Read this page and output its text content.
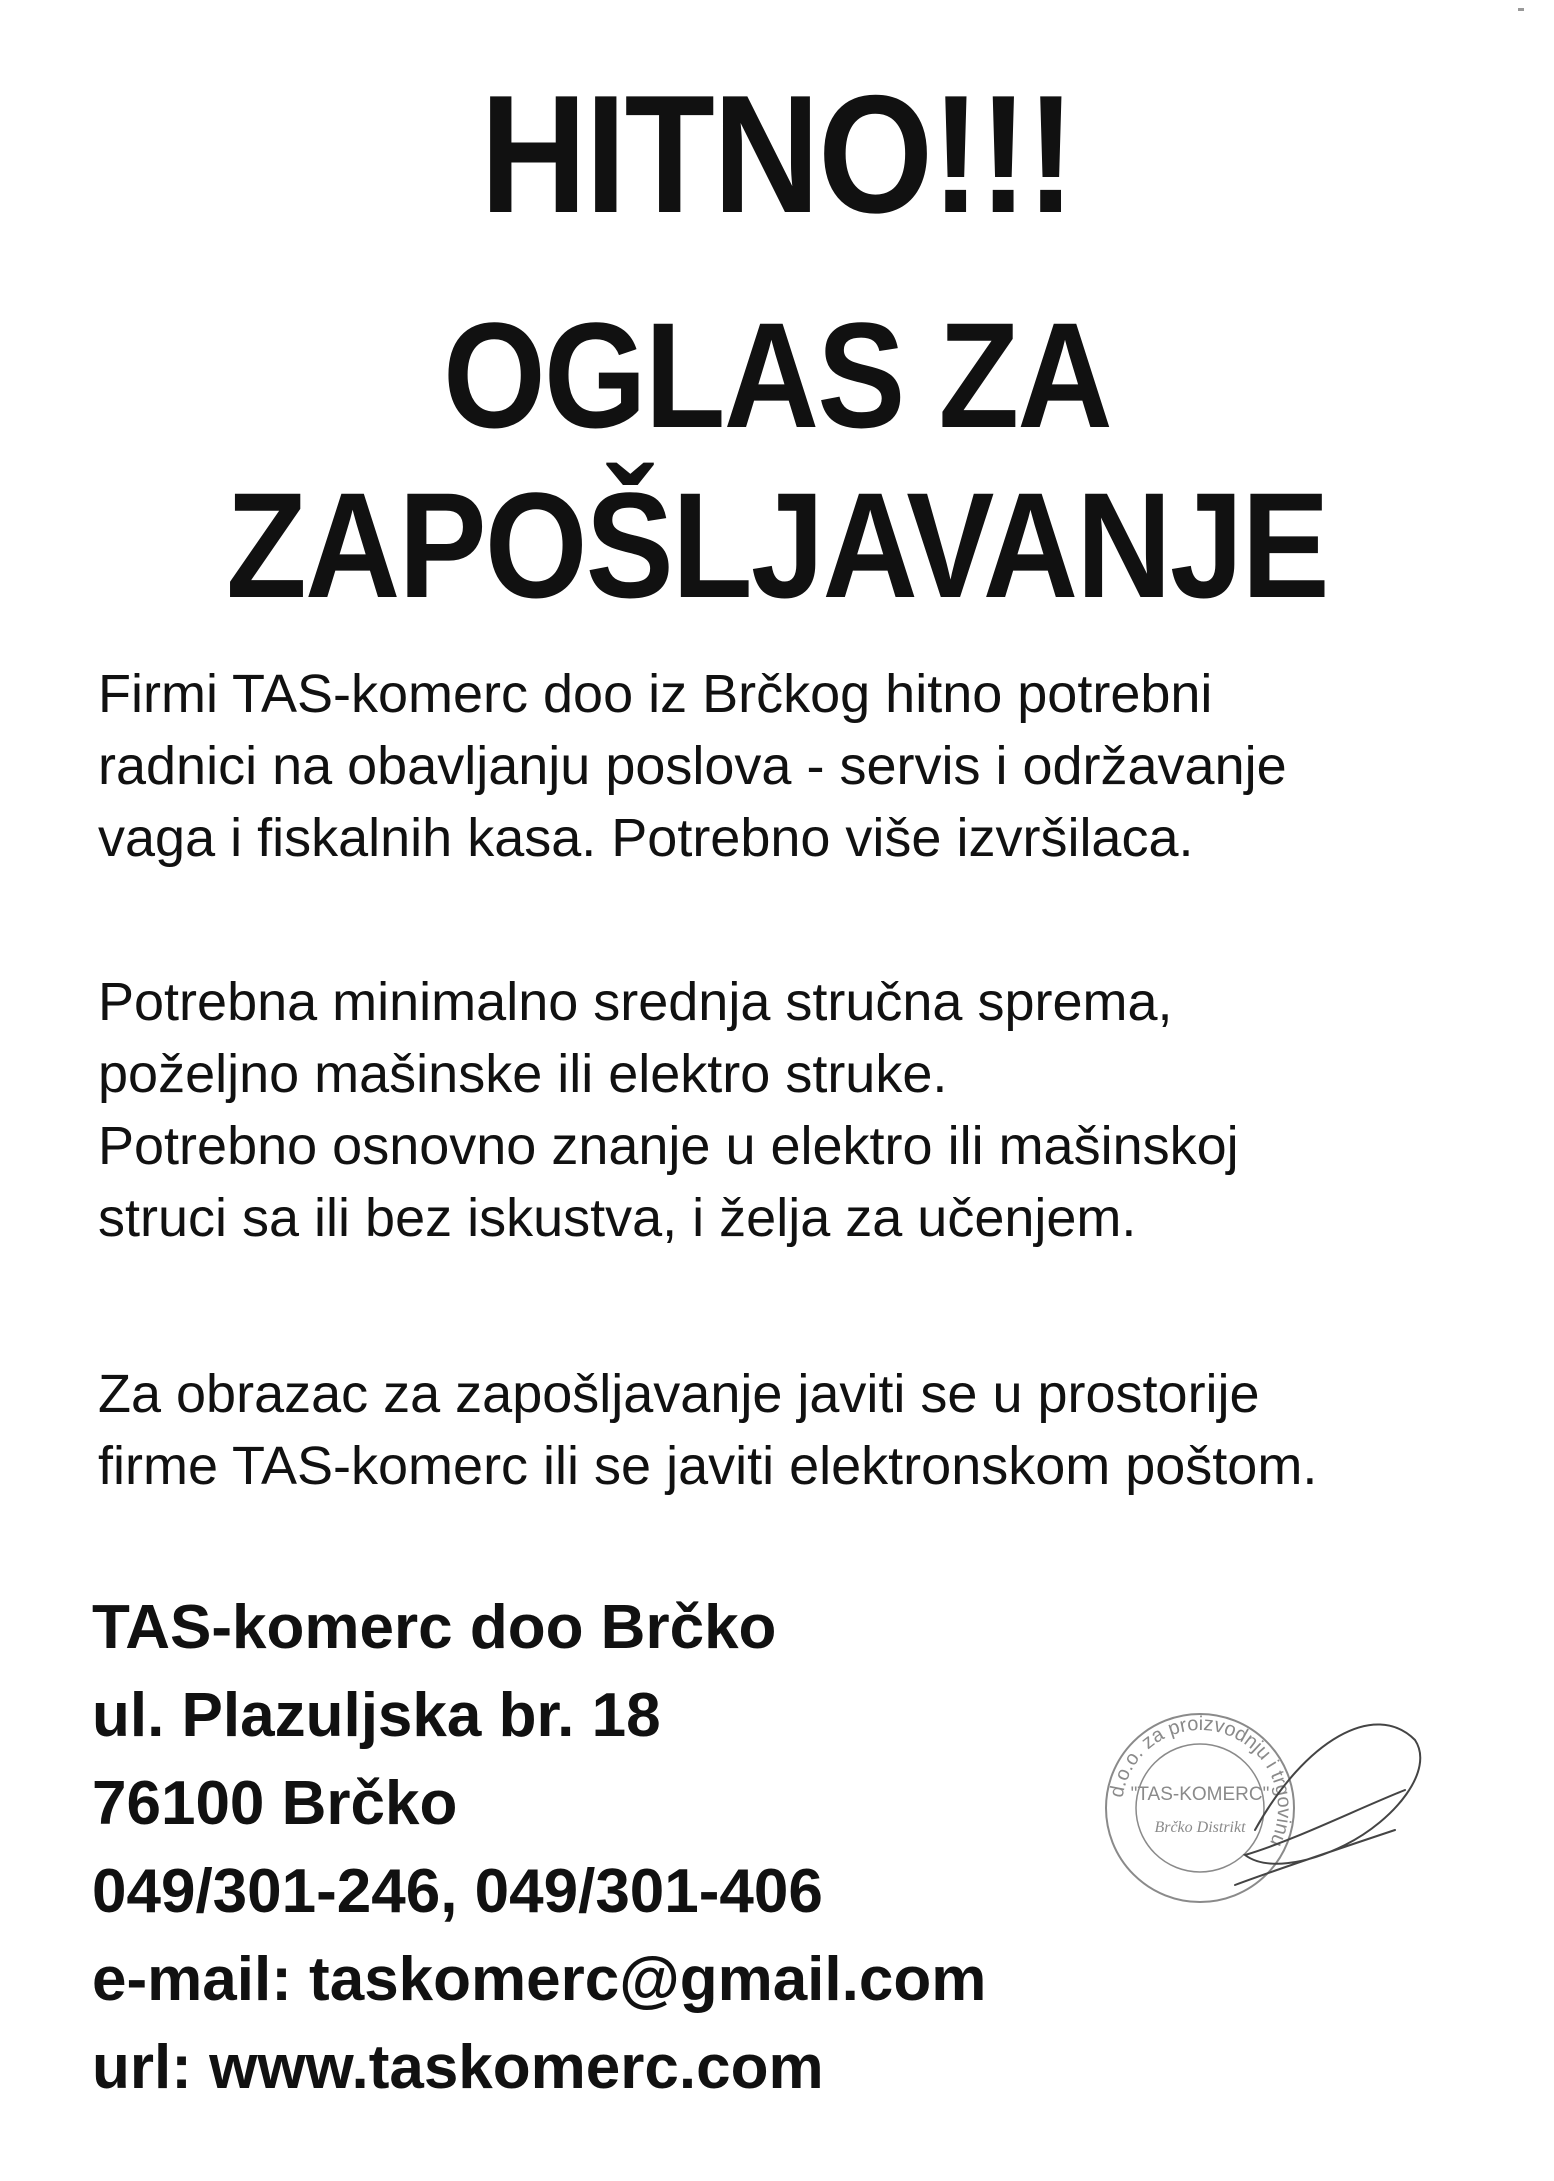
HITNO!!!
OGLAS ZA
ZAPOŠLJAVANJE
Firmi TAS-komerc doo iz Brčkog hitno potrebni
radnici na obavljanju poslova - servis i održavanje
vaga i fiskalnih kasa. Potrebno više izvršilaca.
Potrebna minimalno srednja stručna sprema,
poželjno mašinske ili elektro struke.
Potrebno osnovno znanje u elektro ili mašinskoj
struci sa ili bez iskustva, i želja za učenjem.
Za obrazac za zapošljavanje javiti se u prostorije
firme TAS-komerc ili se javiti elektronskom poštom.
TAS-komerc doo Brčko
ul. Plazuljska br. 18
76100 Brčko
049/301-246, 049/301-406
e-mail: taskomerc@gmail.com
url: www.taskomerc.com
d.o.o. za proizvodnju i trgovinu
"TAS-KOMERC"
Brčko Distrikt
